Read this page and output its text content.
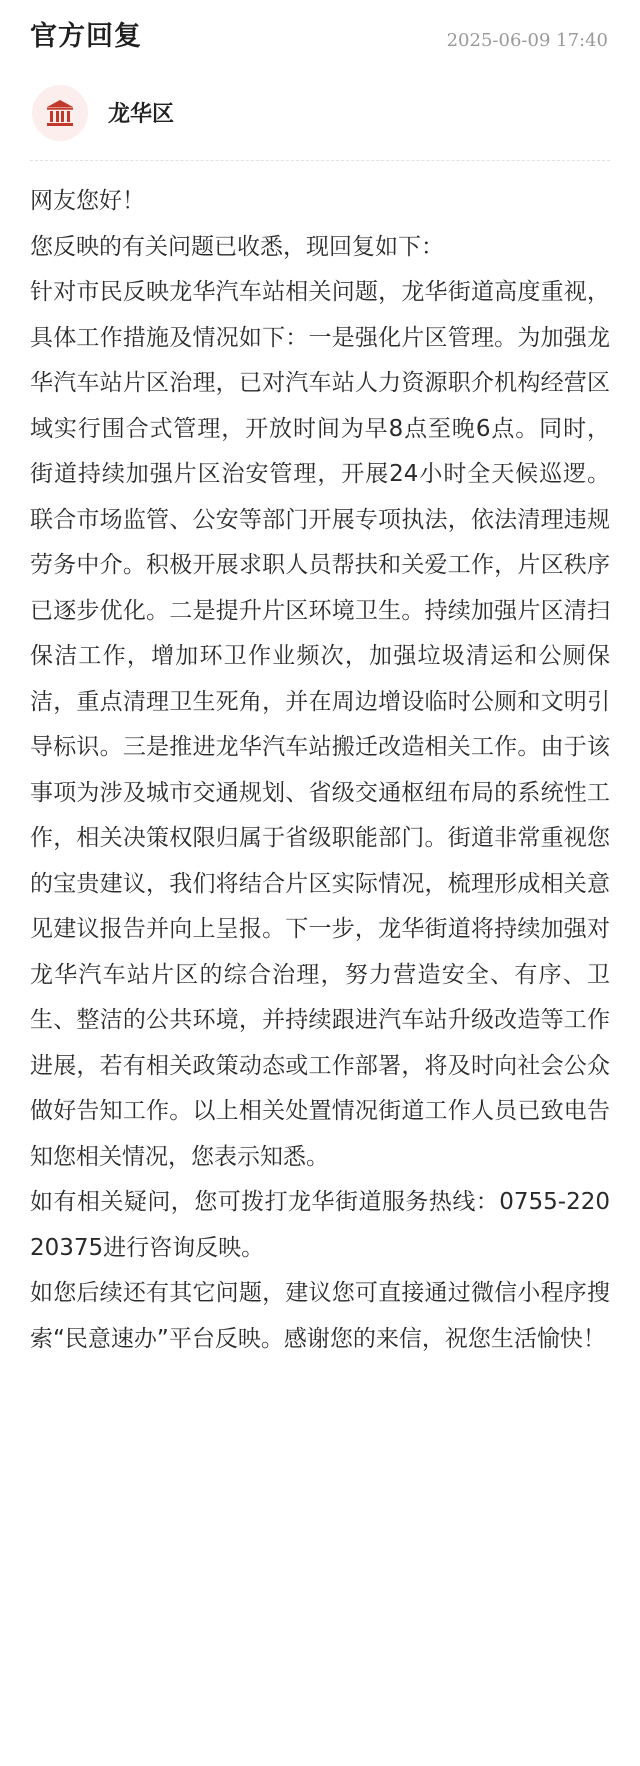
官方回复	2025-06-09 17:40
龙华区

网友您好！

您反映的有关问题已收悉，现回复如下：

针对市民反映龙华汽车站相关问题，龙华街道高度重视，具体工作措施及情况如下：一是强化片区管理。为加强龙华汽车站片区治理，已对汽车站人力资源职介机构经营区域实行围合式管理，开放时间为早8点至晚6点。同时，街道持续加强片区治安管理，开展24小时全天候巡逻。联合市场监管、公安等部门开展专项执法，依法清理违规劳务中介。积极开展求职人员帮扶和关爱工作，片区秩序已逐步优化。二是提升片区环境卫生。持续加强片区清扫保洁工作，增加环卫作业频次，加强垃圾清运和公厕保洁，重点清理卫生死角，并在周边增设临时公厕和文明引导标识。三是推进龙华汽车站搬迁改造相关工作。由于该事项为涉及城市交通规划、省级交通枢纽布局的系统性工作，相关决策权限归属于省级职能部门。街道非常重视您的宝贵建议，我们将结合片区实际情况，梳理形成相关意见建议报告并向上呈报。下一步，龙华街道将持续加强对龙华汽车站片区的综合治理，努力营造安全、有序、卫生、整洁的公共环境，并持续跟进汽车站升级改造等工作进展，若有相关政策动态或工作部署，将及时向社会公众做好告知工作。以上相关处置情况街道工作人员已致电告知您相关情况，您表示知悉。

如有相关疑问，您可拨打龙华街道服务热线：0755-22020375进行咨询反映。

如您后续还有其它问题，建议您可直接通过微信小程序搜索“民意速办”平台反映。感谢您的来信，祝您生活愉快！
